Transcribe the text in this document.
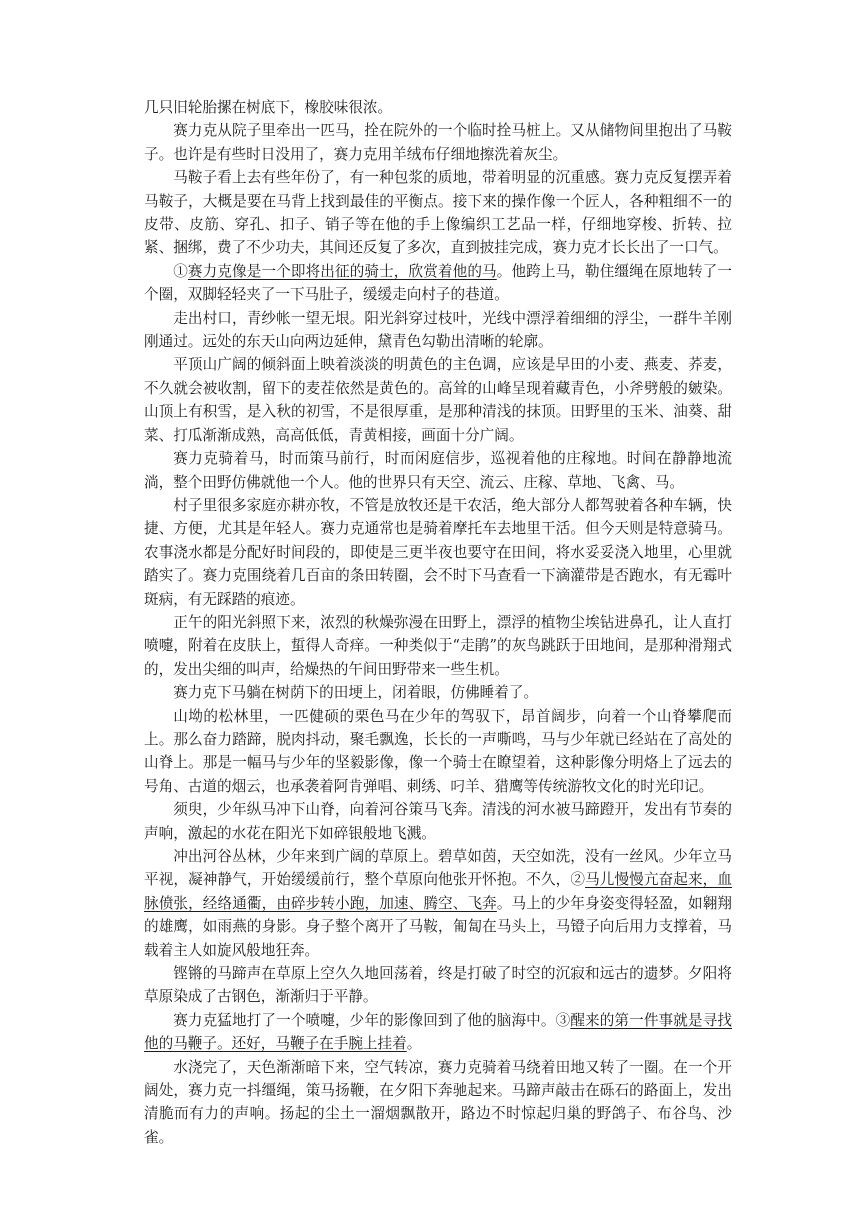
几只旧轮胎摞在树底下，橡胶味很浓。

赛力克从院子里牵出一匹马，拴在院外的一个临时拴马桩上。又从储物间里抱出了马鞍子。也许是有些时日没用了，赛力克用羊绒布仔细地擦洗着灰尘。

马鞍子看上去有些年份了，有一种包浆的质地，带着明显的沉重感。赛力克反复摆弄着马鞍子，大概是要在马背上找到最佳的平衡点。接下来的操作像一个匠人，各种粗细不一的皮带、皮筋、穿孔、扣子、销子等在他的手上像编织工艺品一样，仔细地穿梭、折转、拉紧、捆绑，费了不少功夫，其间还反复了多次，直到披挂完成，赛力克才长长出了一口气。

①赛力克像是一个即将出征的骑士，欣赏着他的马。他跨上马，勒住缰绳在原地转了一个圈，双脚轻轻夹了一下马肚子，缓缓走向村子的巷道。

走出村口，青纱帐一望无垠。阳光斜穿过枝叶，光线中漂浮着细细的浮尘，一群牛羊刚刚通过。远处的东天山向两边延伸，黛青色勾勒出清晰的轮廓。

平顶山广阔的倾斜面上映着淡淡的明黄色的主色调，应该是早田的小麦、燕麦、荞麦，不久就会被收割，留下的麦茬依然是黄色的。高耸的山峰呈现着藏青色，小斧劈般的皴染。山顶上有积雪，是入秋的初雪，不是很厚重，是那种清浅的抹顶。田野里的玉米、油葵、甜菜、打瓜渐渐成熟，高高低低，青黄相接，画面十分广阔。

赛力克骑着马，时而策马前行，时而闲庭信步，巡视着他的庄稼地。时间在静静地流淌，整个田野仿佛就他一个人。他的世界只有天空、流云、庄稼、草地、飞禽、马。

村子里很多家庭亦耕亦牧，不管是放牧还是干农活，绝大部分人都驾驶着各种车辆，快捷、方便，尤其是年轻人。赛力克通常也是骑着摩托车去地里干活。但今天则是特意骑马。农事浇水都是分配好时间段的，即使是三更半夜也要守在田间，将水妥妥浇入地里，心里就踏实了。赛力克围绕着几百亩的条田转圈，会不时下马查看一下滴灌带是否跑水，有无霉叶斑病，有无踩踏的痕迹。

正午的阳光斜照下来，浓烈的秋燥弥漫在田野上，漂浮的植物尘埃钻进鼻孔，让人直打喷嚏，附着在皮肤上，蜇得人奇痒。一种类似于“走鹃”的灰鸟跳跃于田地间，是那种滑翔式的，发出尖细的叫声，给燥热的午间田野带来一些生机。

赛力克下马躺在树荫下的田埂上，闭着眼，仿佛睡着了。

山坳的松林里，一匹健硕的栗色马在少年的驾驭下，昂首阔步，向着一个山脊攀爬而上。那么奋力踏蹄，脱肉抖动，聚毛飘逸，长长的一声嘶鸣，马与少年就已经站在了高处的山脊上。那是一幅马与少年的坚毅影像，像一个骑士在瞭望着，这种影像分明烙上了远去的号角、古道的烟云，也承袭着阿肯弹唱、刺绣、叼羊、猎鹰等传统游牧文化的时光印记。

须臾，少年纵马冲下山脊，向着河谷策马飞奔。清浅的河水被马蹄蹬开，发出有节奏的声响，激起的水花在阳光下如碎银般地飞溅。

冲出河谷丛林，少年来到广阔的草原上。碧草如茵，天空如洗，没有一丝风。少年立马平视，凝神静气，开始缓缓前行，整个草原向他张开怀抱。不久，②马儿慢慢亢奋起来，血脉偾张，经络通衢，由碎步转小跑，加速、腾空、飞奔。马上的少年身姿变得轻盈，如翱翔的雄鹰，如雨燕的身影。身子整个离开了马鞍，匍匐在马头上，马镫子向后用力支撑着，马载着主人如旋风般地狂奔。

铿锵的马蹄声在草原上空久久地回荡着，终是打破了时空的沉寂和远古的遗梦。夕阳将草原染成了古钢色，渐渐归于平静。

赛力克猛地打了一个喷嚏，少年的影像回到了他的脑海中。③醒来的第一件事就是寻找他的马鞭子。还好，马鞭子在手腕上挂着。

水浇完了，天色渐渐暗下来，空气转凉，赛力克骑着马绕着田地又转了一圈。在一个开阔处，赛力克一抖缰绳，策马扬鞭，在夕阳下奔驰起来。马蹄声敲击在砾石的路面上，发出清脆而有力的声响。扬起的尘土一溜烟飘散开，路边不时惊起归巢的野鸽子、布谷鸟、沙雀。
